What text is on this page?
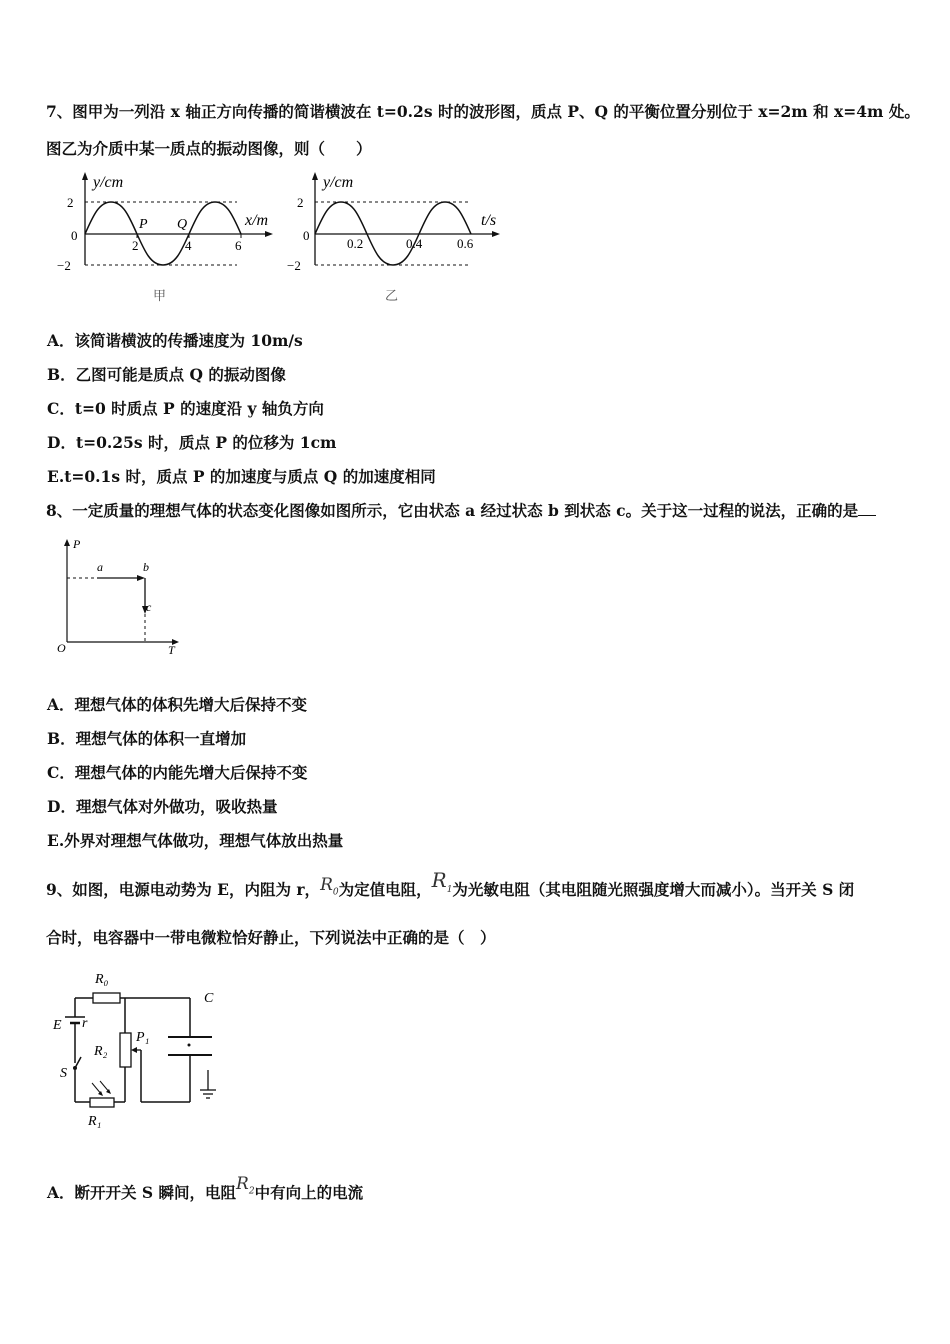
7、图甲为一列沿 x 轴正方向传播的简谐横波在 t=0.2s 时的波形图，质点 P、Q 的平衡位置分别位于 x=2m 和 x=4m 处。
图乙为介质中某一质点的振动图像，则（　　）
y/cm
x/m
2
−2
0
2	4	6
P Q
甲
y/cm
t/s
2
−2
0
0.2	0.4	0.6
乙
A．该简谐横波的传播速度为 10m/s
B．乙图可能是质点 Q 的振动图像
C．t=0 时质点 P 的速度沿 y 轴负方向
D．t=0.25s 时，质点 P 的位移为 1cm
E.t=0.1s 时，质点 P 的加速度与质点 Q 的加速度相同
8、一定质量的理想气体的状态变化图像如图所示，它由状态 a 经过状态 b 到状态 c。关于这一过程的说法，正确的是
P
T
O
a	b
c
A．理想气体的体积先增大后保持不变
B．理想气体的体积一直增加
C．理想气体的内能先增大后保持不变
D．理想气体对外做功，吸收热量
E.外界对理想气体做功，理想气体放出热量
9、如图，电源电动势为 E，内阻为 r，$R_0$为定值电阻，$R_1$为光敏电阻（其电阻随光照强度增大而减小）。当开关 S 闭
合时，电容器中一带电微粒恰好静止，下列说法中正确的是（　）
R₀
C
E r
P₁
R₂
S
R₁
A．断开开关 S 瞬间，电阻$R_2$中有向上的电流
